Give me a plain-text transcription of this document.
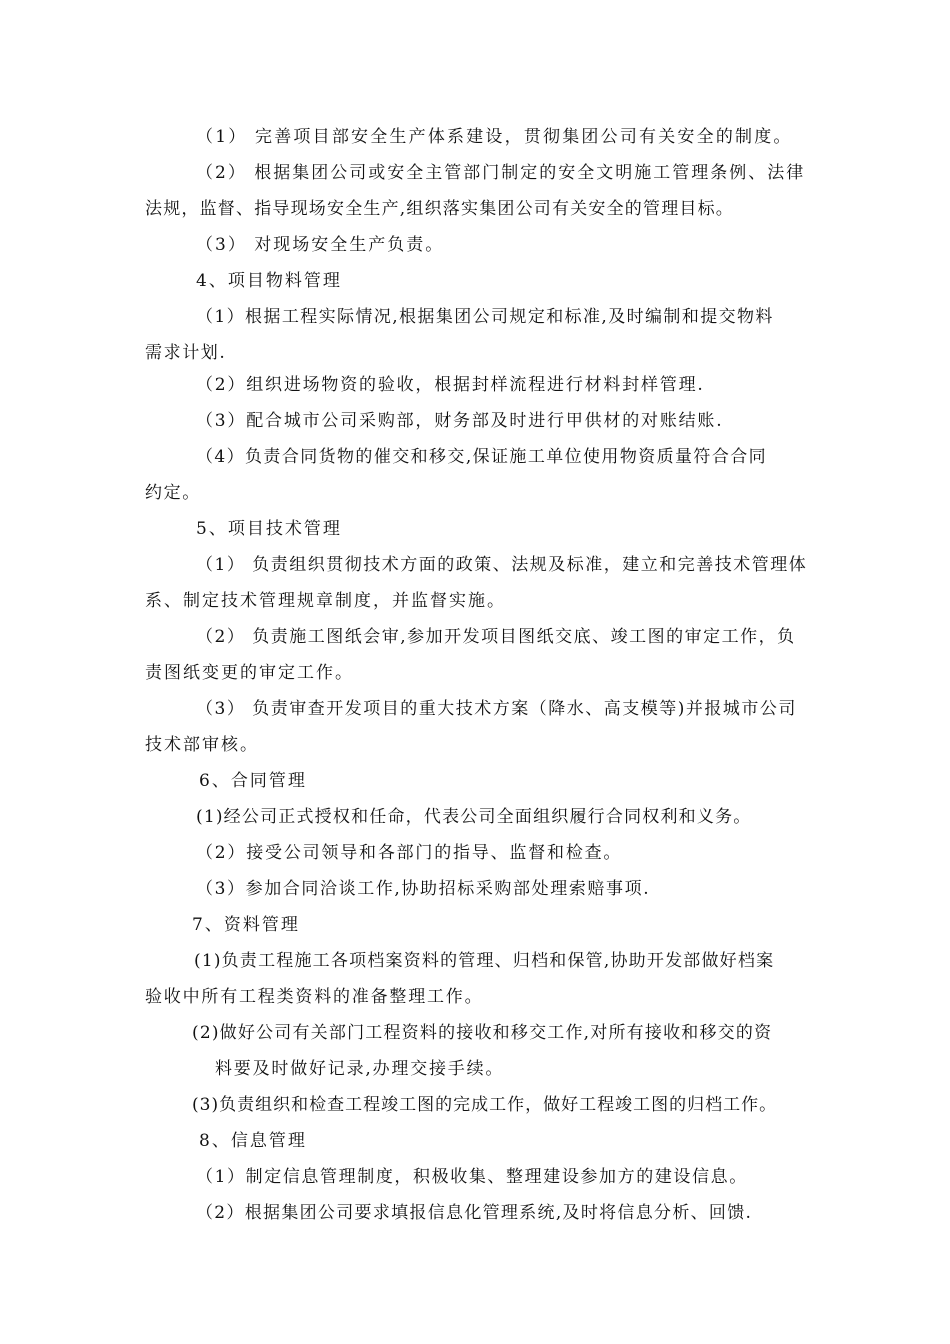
（1） 完善项目部安全生产体系建设，贯彻集团公司有关安全的制度。
（2） 根据集团公司或安全主管部门制定的安全文明施工管理条例、法律
法规，监督、指导现场安全生产,组织落实集团公司有关安全的管理目标。
（3） 对现场安全生产负责。
4、项目物料管理
（1）根据工程实际情况,根据集团公司规定和标准,及时编制和提交物料
需求计划.
（2）组织进场物资的验收，根据封样流程进行材料封样管理.
（3）配合城市公司采购部，财务部及时进行甲供材的对账结账.
（4）负责合同货物的催交和移交,保证施工单位使用物资质量符合合同
约定。
5、项目技术管理
（1） 负责组织贯彻技术方面的政策、法规及标准，建立和完善技术管理体
系、制定技术管理规章制度，并监督实施。
（2） 负责施工图纸会审,参加开发项目图纸交底、竣工图的审定工作，负
责图纸变更的审定工作。
（3） 负责审查开发项目的重大技术方案（降水、高支模等)并报城市公司
技术部审核。
6、合同管理
(1)经公司正式授权和任命，代表公司全面组织履行合同权利和义务。
（2）接受公司领导和各部门的指导、监督和检查。
（3）参加合同洽谈工作,协助招标采购部处理索赔事项.
7、资料管理
(1)负责工程施工各项档案资料的管理、归档和保管,协助开发部做好档案
验收中所有工程类资料的准备整理工作。
(2)做好公司有关部门工程资料的接收和移交工作,对所有接收和移交的资
料要及时做好记录,办理交接手续。
(3)负责组织和检查工程竣工图的完成工作，做好工程竣工图的归档工作。
8、信息管理
（1）制定信息管理制度，积极收集、整理建设参加方的建设信息。
（2）根据集团公司要求填报信息化管理系统,及时将信息分析、回馈.
